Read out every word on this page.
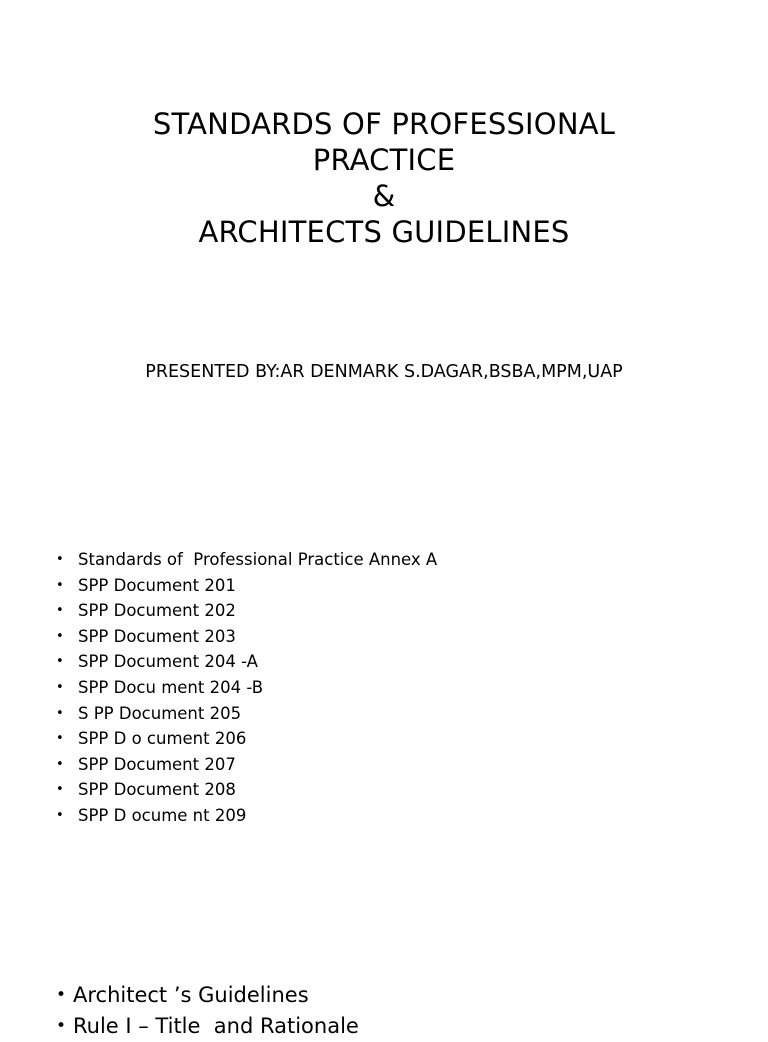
STANDARDS OF PROFESSIONAL
PRACTICE
&
ARCHITECTS GUIDELINES
PRESENTED BY:AR DENMARK S.DAGAR,BSBA,MPM,UAP
• Standards of  Professional Practice Annex A
• SPP Document 201
• SPP Document 202
• SPP Document 203
• SPP Document 204 -A
• SPP Docu ment 204 -B
• S PP Document 205
• SPP D o cument 206
• SPP Document 207
• SPP Document 208
• SPP D ocume nt 209
• Architect ’s Guidelines
• Rule I – Title  and Rationale
